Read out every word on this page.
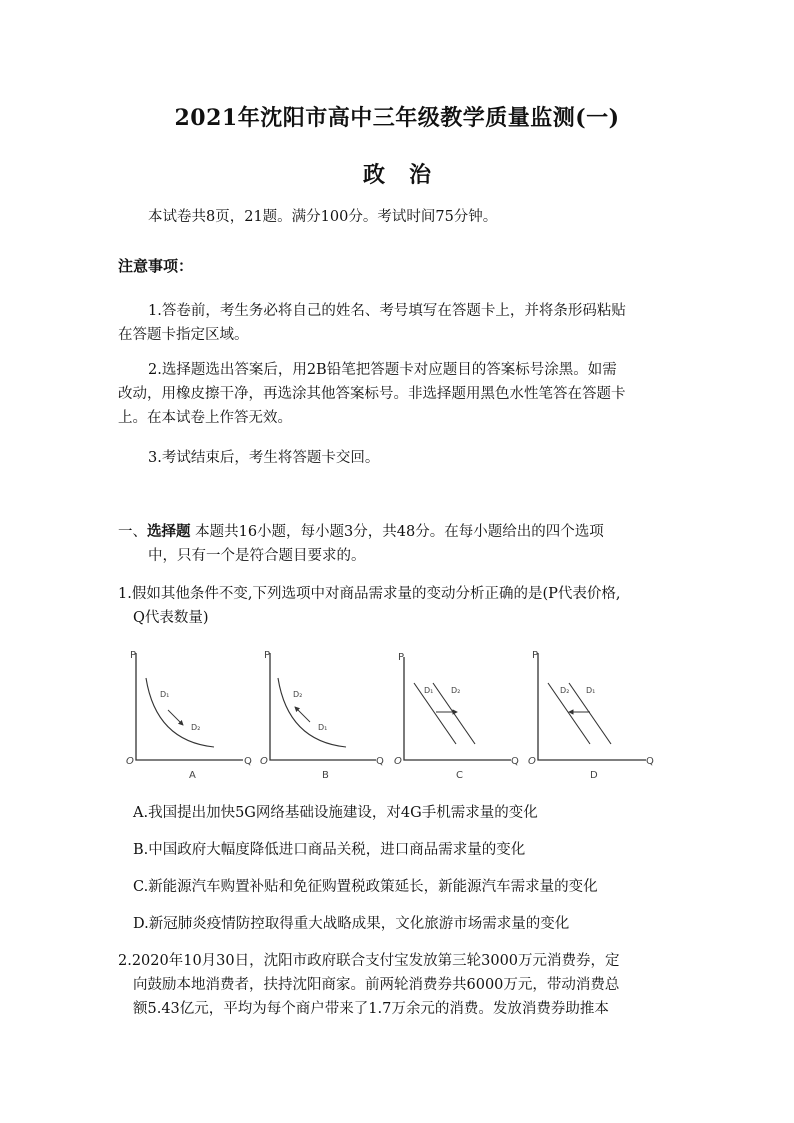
2021年沈阳市高中三年级教学质量监测(一)
政治
本试卷共8页，21题。满分100分。考试时间75分钟。
注意事项：
1.答卷前，考生务必将自己的姓名、考号填写在答题卡上，并将条形码粘贴
在答题卡指定区域。
2.选择题选出答案后，用2B铅笔把答题卡对应题目的答案标号涂黑。如需
改动，用橡皮擦干净，再选涂其他答案标号。非选择题用黑色水性笔答在答题卡
上。在本试卷上作答无效。
3.考试结束后，考生将答题卡交回。
一、选择题 本题共16小题，每小题3分，共48分。在每小题给出的四个选项
中，只有一个是符合题目要求的。
1.假如其他条件不变,下列选项中对商品需求量的变动分析正确的是(P代表价格,
Q代表数量)
P
O	Q
D₁
D₂
A
P
O	Q
D₂
D₁
B
P
O	Q
D₁ D₂
C
P
O	Q
D₂ D₁
D
A.我国提出加快5G网络基础设施建设，对4G手机需求量的变化
B.中国政府大幅度降低进口商品关税，进口商品需求量的变化
C.新能源汽车购置补贴和免征购置税政策延长，新能源汽车需求量的变化
D.新冠肺炎疫情防控取得重大战略成果，文化旅游市场需求量的变化
2.2020年10月30日，沈阳市政府联合支付宝发放第三轮3000万元消费券，定
向鼓励本地消费者，扶持沈阳商家。前两轮消费券共6000万元，带动消费总
额5.43亿元，平均为每个商户带来了1.7万余元的消费。发放消费券助推本
